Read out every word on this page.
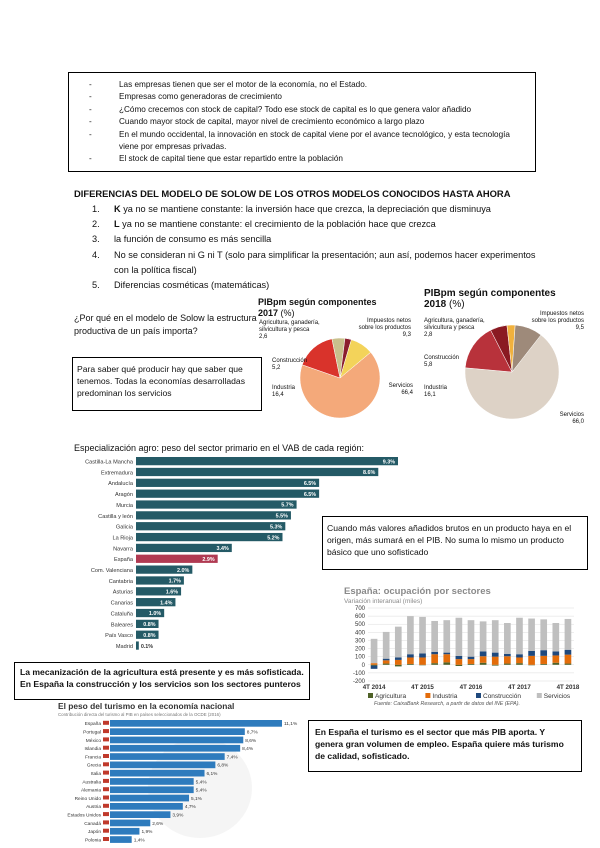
- Las empresas tienen que ser el motor de la economía, no el Estado.
- Empresas como generadoras de crecimiento
- ¿Cómo crecemos con stock de capital? Todo ese stock de capital es lo que genera valor añadido
- Cuando mayor stock de capital, mayor nivel de crecimiento económico a largo plazo
- En el mundo occidental, la innovación en stock de capital viene por el avance tecnológico, y esta tecnología viene por empresas privadas.
- El stock de capital tiene que estar repartido entre la población
DIFERENCIAS DEL MODELO DE SOLOW DE LOS OTROS MODELOS CONOCIDOS HASTA AHORA
1. K ya no se mantiene constante: la inversión hace que crezca, la depreciación que disminuya
2. L ya no se mantiene constante: el crecimiento de la población hace que crezca
3. la función de consumo es más sencilla
4. No se consideran ni G ni T (solo para simplificar la presentación; aun así, podemos hacer experimentos con la política fiscal)
5. Diferencias cosméticas (matemáticas)
¿Por qué en el modelo de Solow la estructura productiva de un país importa?
Para saber qué producir hay que saber que tenemos. Todas la economías desarrolladas predominan los servicios
PIBpm según componentes 2017 (%)
Agricultura, ganadería, silvicultura y pesca
2,6
Impuestos netos sobre los productos
9,3
Construcción
5,2
Industria
16,4
Servicios
66,4
PIBpm según componentes 2018 (%)
Agricultura, ganadería, silvicultura y pesca
2,8
Impuestos netos sobre los productos
9,5
Construcción
5,8
Industria
16,1
Servicios
66,0
Especialización agro: peso del sector primario en el VAB de cada región:
Castilla-La Mancha	9.3%
Extremadura	8.6%
Andalucía	6.5%
Aragón	6.5%
Murcia	5.7%
Castilla y león	5.5%
Galicia	5.3%
La Rioja	5.2%
Navarra	3.4%
España	2.9%
Com. Valenciana	2.0%
Cantabria	1.7%
Asturias	1.6%
Canarias	1.4%
Cataluña	1.0%
Baleares 0.8%
País Vasco 0.8%
Madrid 0.1%
Cuando más valores añadidos brutos en un producto haya en el origen, más sumará en el PIB. No suma lo mismo un producto básico que uno sofisticado
España: ocupación por sectores
Variación interanual (miles)
-200
-100
0
100
200
300
400
500
600
700
4T 2014	4T 2015	4T 2016	4T 2017	4T 2018
Agricultura	Industria	Construcción	Servicios
Fuente: CaixaBank Research, a partir de datos del INE (EPA).
La mecanización de la agricultura está presente y es más sofisticada. En España la construcción y los servicios son los sectores punteros
El peso del turismo en la economía nacional
Contribución directa del turismo al PIB en países seleccionados de la OCDE (2016)
España	11,1%
Portugal	8,7%
México	8,6%
Islandia	8,4%
Francia	7,4%
Grecia	6,8%
Italia	6,1%
Australia	5,4%
Alemania	5,4%
Reino Unido	5,1%
Austria	4,7%
Estados Unidos	3,9%
Canadá	2,6%
Japón	1,9%
Polonia	1,4%
En España el turismo es el sector que más PIB aporta. Y genera gran volumen de empleo. España quiere más turismo de calidad, sofisticado.
